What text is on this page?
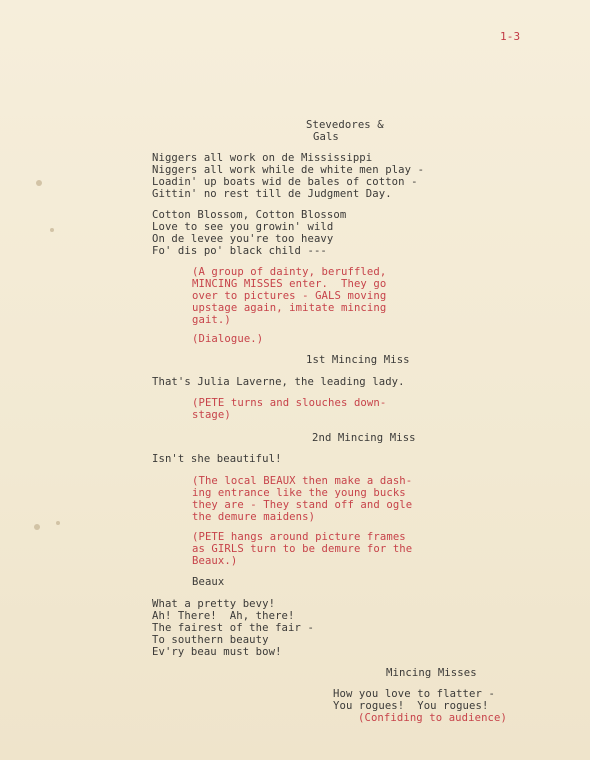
1-3
Stevedores &
Gals
Niggers all work on de Mississippi
Niggers all work while de white men play -
Loadin' up boats wid de bales of cotton -
Gittin' no rest till de Judgment Day.
Cotton Blossom, Cotton Blossom
Love to see you growin' wild
On de levee you're too heavy
Fo' dis po' black child ---
(A group of dainty, beruffled,
MINCING MISSES enter.  They go
over to pictures - GALS moving
upstage again, imitate mincing
gait.)
(Dialogue.)
1st Mincing Miss
That's Julia Laverne, the leading lady.
(PETE turns and slouches down-
stage)
2nd Mincing Miss
Isn't she beautiful!
(The local BEAUX then make a dash-
ing entrance like the young bucks
they are - They stand off and ogle
the demure maidens)
(PETE hangs around picture frames
as GIRLS turn to be demure for the
Beaux.)
Beaux
What a pretty bevy!
Ah! There!  Ah, there!
The fairest of the fair -
To southern beauty
Ev'ry beau must bow!
Mincing Misses
How you love to flatter -
You rogues!  You rogues!
(Confiding to audience)
